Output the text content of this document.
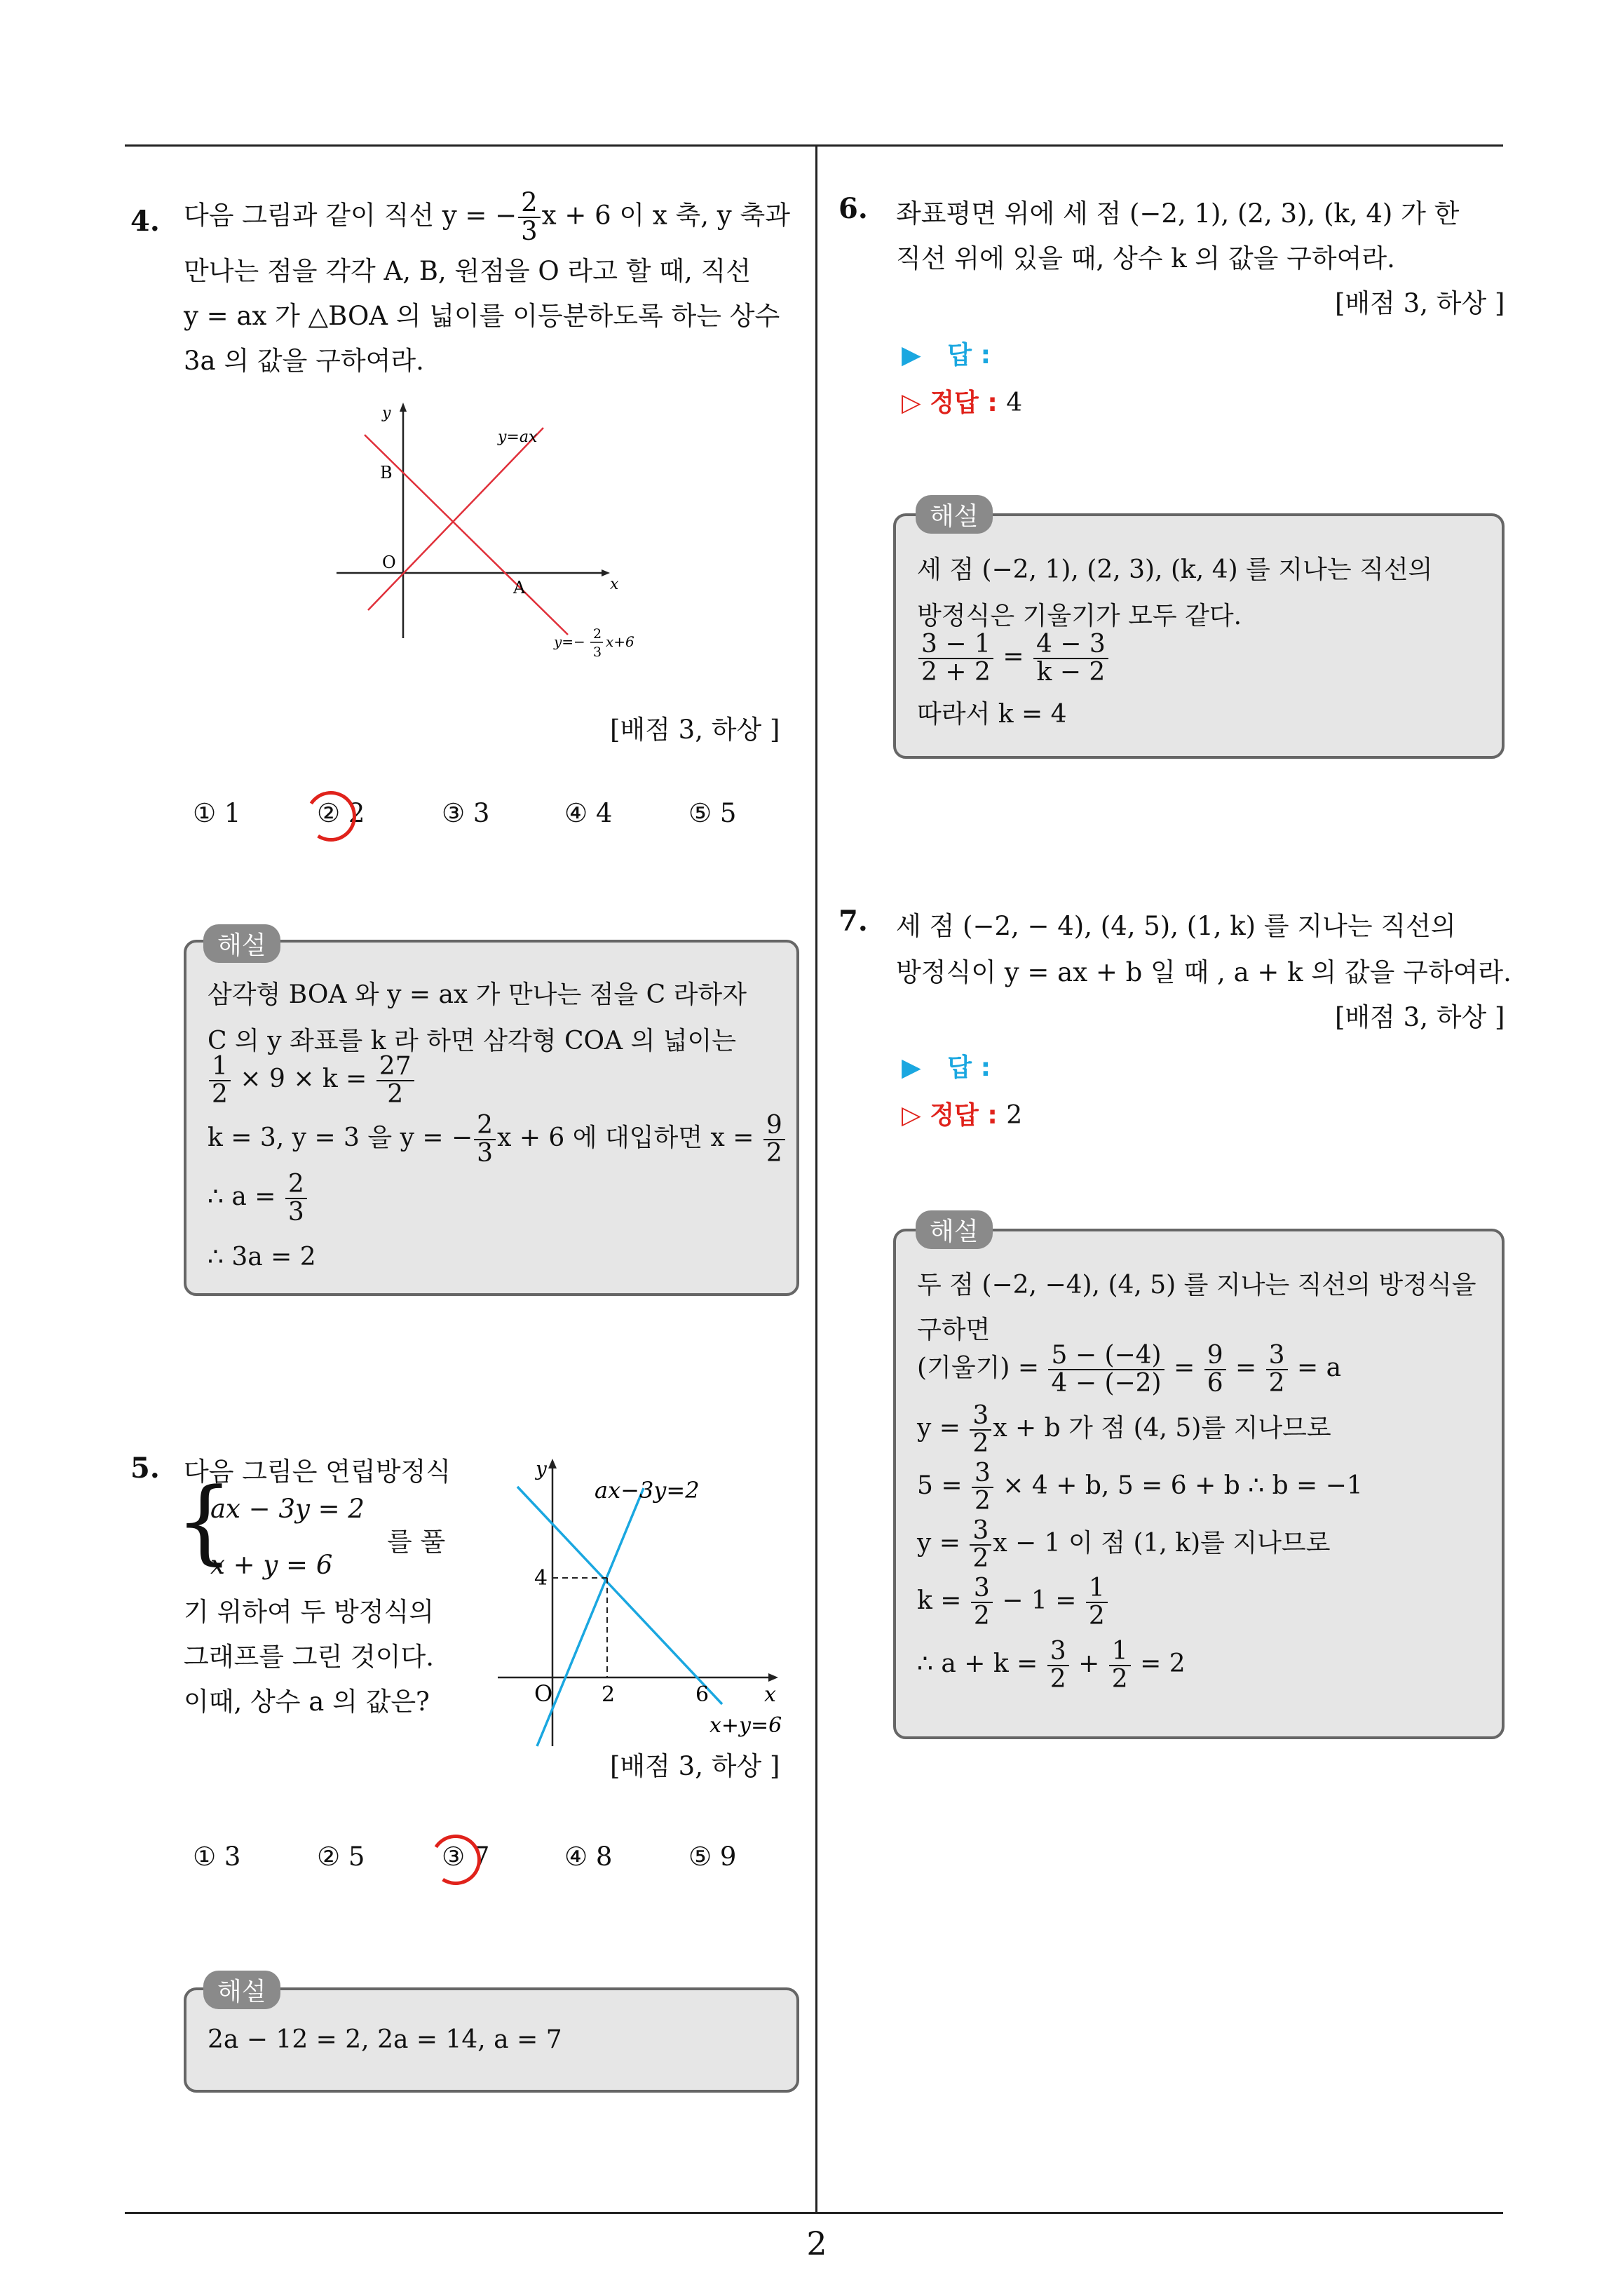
2
4. 다음 그림과 같이 직선 y = − $\frac{2}{3}$ x + 6 이 x 축, y 축과
만나는 점을 각각 A, B, 원점을 O 라고 할 때, 직선
y = ax 가 △BOA 의 넓이를 이등분하도록 하는 상수
3a 의 값을 구하여라.
y
x
B
O
A
y=ax
y=− 2
3
x+6
[배점 3, 하상 ]
① 1	② 2	③ 3	④ 4	⑤ 5
삼각형 BOA 와 y = ax 가 만나는 점을 C 라하자
C 의 y 좌표를 k 라 하면 삼각형 COA 의 넓이는
$\frac{1}{2} \times 9 \times k = \frac{27}{2}$
k = 3, y = 3 을 y = − $\frac{2}{3}$ x + 6 에 대입하면 $x = \frac{9}{2}$
∴ $a = \frac{2}{3}$
∴ 3a = 2
해설
5. 다음 그림은 연립방정식
{
ax − 3y = 2
x + y = 6
를 풀
기 위하여 두 방정식의
그래프를 그린 것이다.
이때, 상수 a 의 값은?
y
x
O
4
2	6
ax−3y=2
x+y=6
[배점 3, 하상 ]
① 3	② 5	③ 7	④ 8	⑤ 9
2a − 12 = 2, 2a = 14, a = 7
해설
6. 좌표평면 위에 세 점 (−2, 1), (2, 3), (k, 4) 가 한
직선 위에 있을 때, 상수 k 의 값을 구하여라.
[배점 3, 하상 ]
▶ 답 :
▷ 정답 : 4
세 점 (−2, 1), (2, 3), (k, 4) 를 지나는 직선의
방정식은 기울기가 모두 같다.
$\frac{3 - 1}{2 + 2} = \frac{4 - 3}{k - 2}$
따라서 k = 4
해설
7. 세 점 (−2, − 4), (4, 5), (1, k) 를 지나는 직선의
방정식이 y = ax + b 일 때 , a + k 의 값을 구하여라.
[배점 3, 하상 ]
▶ 답 :
▷ 정답 : 2
두 점 (−2, −4), (4, 5) 를 지나는 직선의 방정식을
구하면
(기울기) = $\frac{5 - (-4)}{4 - (-2)} = \frac{9}{6} = \frac{3}{2} = a$
$y = \frac{3}{2}$ x + b 가 점 (4, 5)를 지나므로
$5 = \frac{3}{2} \times 4 + b$, 5 = 6 + b ∴ b = −1
$y = \frac{3}{2}$ x − 1 이 점 (1, k)를 지나므로
$k = \frac{3}{2} - 1 = \frac{1}{2}$
∴ $a + k = \frac{3}{2} + \frac{1}{2} = 2$
해설
